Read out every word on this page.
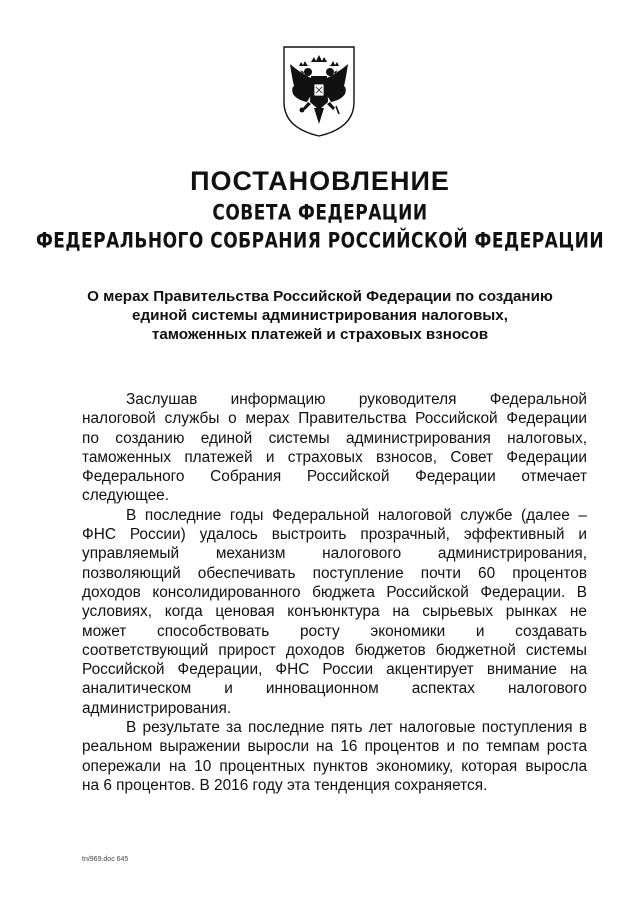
ПОСТАНОВЛЕНИЕ
СОВЕТА ФЕДЕРАЦИИ
ФЕДЕРАЛЬНОГО СОБРАНИЯ РОССИЙСКОЙ ФЕДЕРАЦИИ
О мерах Правительства Российской Федерации по созданию
единой системы администрирования налоговых,
таможенных платежей и страховых взносов
Заслушав информацию руководителя Федеральной
налоговой службы о мерах Правительства Российской Федерации
по созданию единой системы администрирования налоговых,
таможенных платежей и страховых взносов, Совет Федерации
Федерального Собрания Российской Федерации отмечает
следующее.
В последние годы Федеральной налоговой службе (далее –
ФНС России) удалось выстроить прозрачный, эффективный и
управляемый механизм налогового администрирования,
позволяющий обеспечивать поступление почти 60 процентов
доходов консолидированного бюджета Российской Федерации. В
условиях, когда ценовая конъюнктура на сырьевых рынках не
может способствовать росту экономики и создавать
соответствующий прирост доходов бюджетов бюджетной системы
Российской Федерации, ФНС России акцентирует внимание на
аналитическом и инновационном аспектах налогового
администрирования.
В результате за последние пять лет налоговые поступления в
реальном выражении выросли на 16 процентов и по темпам роста
опережали на 10 процентных пунктов экономику, которая выросла
на 6 процентов. В 2016 году эта тенденция сохраняется.
tn/969.doc 645
